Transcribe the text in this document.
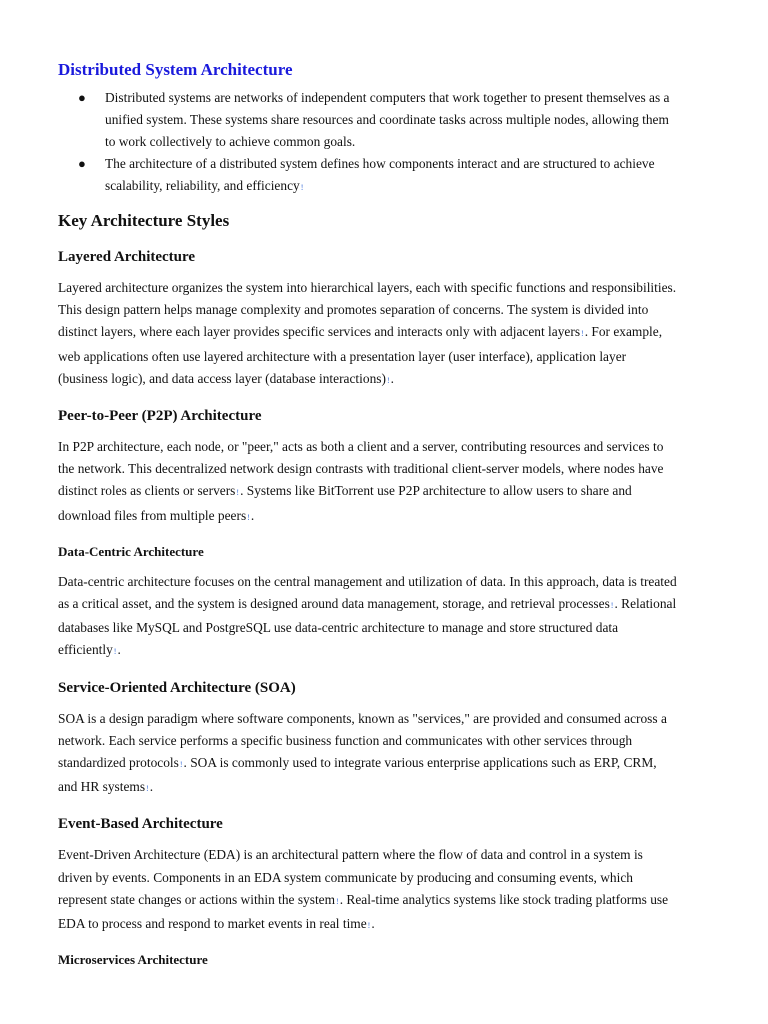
Distributed System Architecture
● Distributed systems are networks of independent computers that work together to present themselves as a unified system. These systems share resources and coordinate tasks across multiple nodes, allowing them to work collectively to achieve common goals.
● The architecture of a distributed system defines how components interact and are structured to achieve scalability, reliability, and efficiency!
Key Architecture Styles
Layered Architecture

Layered architecture organizes the system into hierarchical layers, each with specific functions and responsibilities. This design pattern helps manage complexity and promotes separation of concerns. The system is divided into distinct layers, where each layer provides specific services and interacts only with adjacent layers!. For example, web applications often use layered architecture with a presentation layer (user interface), application layer (business logic), and data access layer (database interactions)!.

Peer-to-Peer (P2P) Architecture

In P2P architecture, each node, or "peer," acts as both a client and a server, contributing resources and services to the network. This decentralized network design contrasts with traditional client-server models, where nodes have distinct roles as clients or servers!. Systems like BitTorrent use P2P architecture to allow users to share and download files from multiple peers!.

Data-Centric Architecture

Data-centric architecture focuses on the central management and utilization of data. In this approach, data is treated as a critical asset, and the system is designed around data management, storage, and retrieval processes!. Relational databases like MySQL and PostgreSQL use data-centric architecture to manage and store structured data efficiently!.

Service-Oriented Architecture (SOA)

SOA is a design paradigm where software components, known as "services," are provided and consumed across a network. Each service performs a specific business function and communicates with other services through standardized protocols!. SOA is commonly used to integrate various enterprise applications such as ERP, CRM, and HR systems!.

Event-Based Architecture

Event-Driven Architecture (EDA) is an architectural pattern where the flow of data and control in a system is driven by events. Components in an EDA system communicate by producing and consuming events, which represent state changes or actions within the system!. Real-time analytics systems like stock trading platforms use EDA to process and respond to market events in real time!.

Microservices Architecture
